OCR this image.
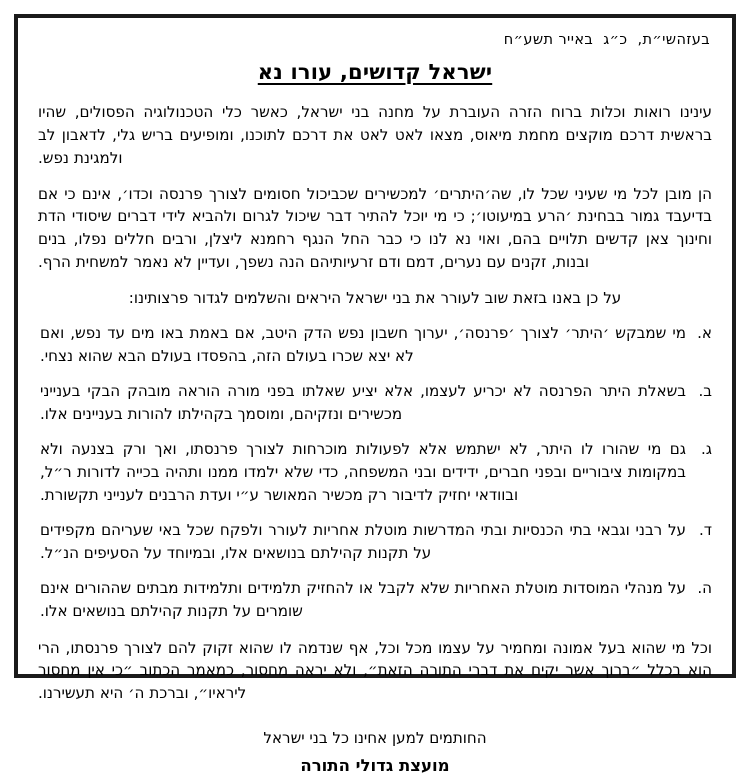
בעזהשי״ת,  כ״ג  באייר תשע״ח
ישראל קדושים, עורו נא

עינינו רואות וכלות ברוח הזרה העוברת על מחנה בני ישראל, כאשר כלי הטכנולוגיה הפסולים, שהיו בראשית דרכם מוקצים מחמת מיאוס, מצאו לאט לאט את דרכם לתוכנו, ומופיעים בריש גלי, לדאבון לב ולמגינת נפש.

הן מובן לכל מי שעיני שכל לו, שה׳היתרים׳ למכשירים שכביכול חסומים לצורך פרנסה וכדו׳, אינם כי אם בדיעבד גמור בבחינת ׳הרע במיעוטו׳; כי מי יוכל להתיר דבר שיכול לגרום ולהביא לידי דברים שיסודי הדת וחינוך צאן קדשים תלויים בהם, ואוי נא לנו כי כבר החל הנגף רחמנא ליצלן, ורבים חללים נפלו, בנים ובנות, זקנים עם נערים, דמם ודם זרעיותיהם הנה נשפך, ועדיין לא נאמר למשחית הרף.

על כן באנו בזאת שוב לעורר את בני ישראל היראים והשלמים לגדור פרצותינו:

א.
מי שמבקש ׳היתר׳ לצורך ׳פרנסה׳, יערוך חשבון נפש הדק היטב, אם באמת באו מים עד נפש, ואם לא יצא שכרו בעולם הזה, בהפסדו בעולם הבא שהוא נצחי.
ב.
בשאלת היתר הפרנסה לא יכריע לעצמו, אלא יציע שאלתו בפני מורה הוראה מובהק הבקי בענייני מכשירים ונזקיהם, ומוסמך בקהילתו להורות בעניינים אלו.
ג.
גם מי שהורו לו היתר, לא ישתמש אלא לפעולות מוכרחות לצורך פרנסתו, ואך ורק בצנעה ולא במקומות ציבוריים ובפני חברים, ידידים ובני המשפחה, כדי שלא ילמדו ממנו ותהיה בכייה לדורות ר״ל, ובוודאי יחזיק לדיבור רק מכשיר המאושר ע״י ועדת הרבנים לענייני תקשורת.
ד.
על רבני וגבאי בתי הכנסיות ובתי המדרשות מוטלת אחריות לעורר ולפקח שכל באי שעריהם מקפידים על תקנות קהילתם בנושאים אלו, ובמיוחד על הסעיפים הנ״ל.
ה.
על מנהלי המוסדות מוטלת האחריות שלא לקבל או להחזיק תלמידים ותלמידות מבתים שההורים אינם שומרים על תקנות קהילתם בנושאים אלו.

וכל מי שהוא בעל אמונה ומחמיר על עצמו מכל וכל, אף שנדמה לו שהוא זקוק להם לצורך פרנסתו, הרי הוא בכלל ״ברוך אשר יקים את דברי התורה הזאת״, ולא יראה מחסור, כמאמר הכתוב ״כי אין מחסור ליראיו״, וברכת ה׳ היא תעשירנו.

החותמים למען אחינו כל בני ישראל
מועצת גדולי התורה
